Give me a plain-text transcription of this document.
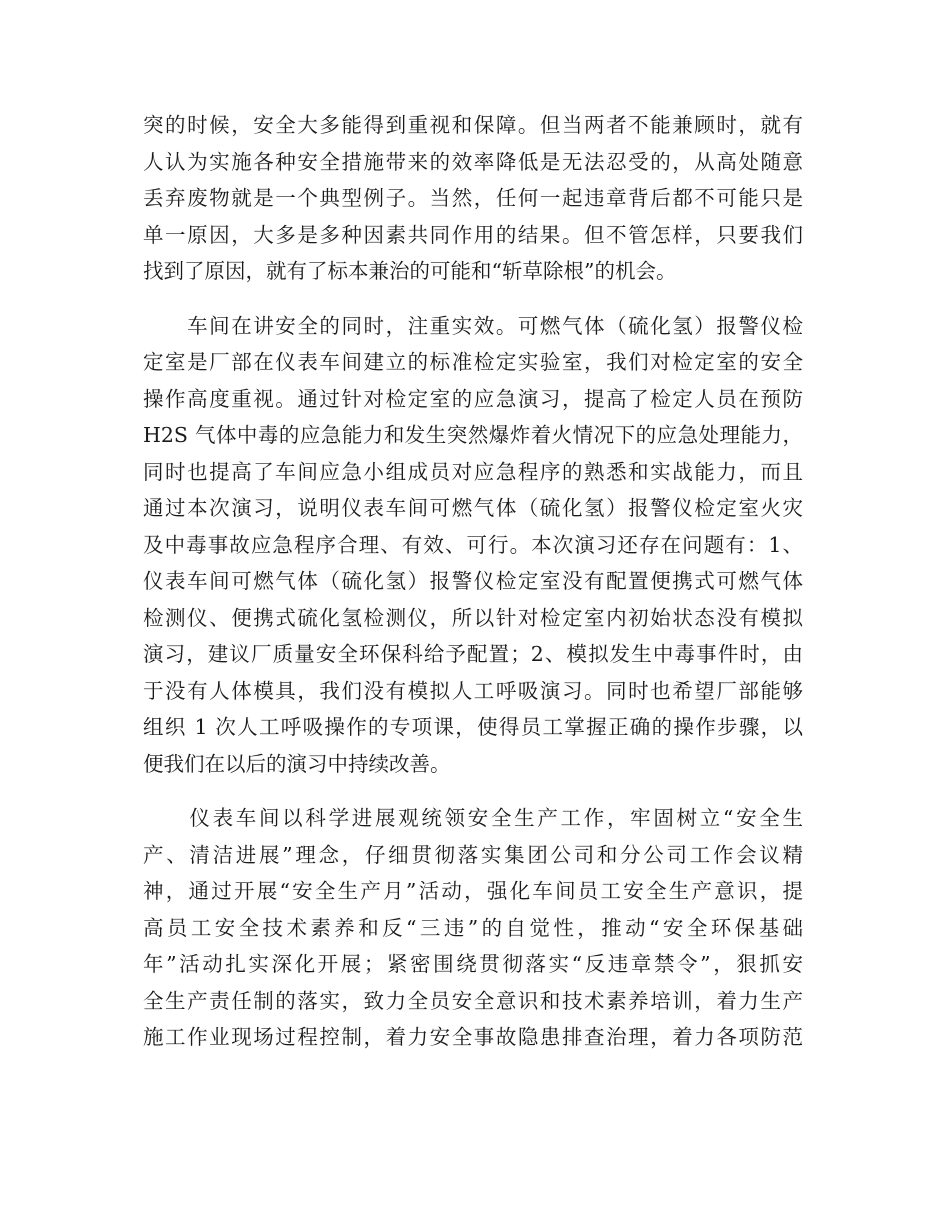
突的时候，安全大多能得到重视和保障。但当两者不能兼顾时，就有
人认为实施各种安全措施带来的效率降低是无法忍受的，从高处随意
丢弃废物就是一个典型例子。当然，任何一起违章背后都不可能只是
单一原因，大多是多种因素共同作用的结果。但不管怎样，只要我们
找到了原因，就有了标本兼治的可能和“斩草除根”的机会。
　　车间在讲安全的同时，注重实效。可燃气体（硫化氢）报警仪检
定室是厂部在仪表车间建立的标准检定实验室，我们对检定室的安全
操作高度重视。通过针对检定室的应急演习，提高了检定人员在预防
H2S 气体中毒的应急能力和发生突然爆炸着火情况下的应急处理能力，
同时也提高了车间应急小组成员对应急程序的熟悉和实战能力，而且
通过本次演习，说明仪表车间可燃气体（硫化氢）报警仪检定室火灾
及中毒事故应急程序合理、有效、可行。本次演习还存在问题有：1、
仪表车间可燃气体（硫化氢）报警仪检定室没有配置便携式可燃气体
检测仪、便携式硫化氢检测仪，所以针对检定室内初始状态没有模拟
演习，建议厂质量安全环保科给予配置；2、模拟发生中毒事件时，由
于没有人体模具，我们没有模拟人工呼吸演习。同时也希望厂部能够
组织 1 次人工呼吸操作的专项课，使得员工掌握正确的操作步骤，以
便我们在以后的演习中持续改善。
　　仪表车间以科学进展观统领安全生产工作，牢固树立“安全生
产、清洁进展”理念，仔细贯彻落实集团公司和分公司工作会议精
神，通过开展“安全生产月”活动，强化车间员工安全生产意识，提
高员工安全技术素养和反“三违”的自觉性，推动“安全环保基础
年”活动扎实深化开展；紧密围绕贯彻落实“反违章禁令”，狠抓安
全生产责任制的落实，致力全员安全意识和技术素养培训，着力生产
施工作业现场过程控制，着力安全事故隐患排查治理，着力各项防范
